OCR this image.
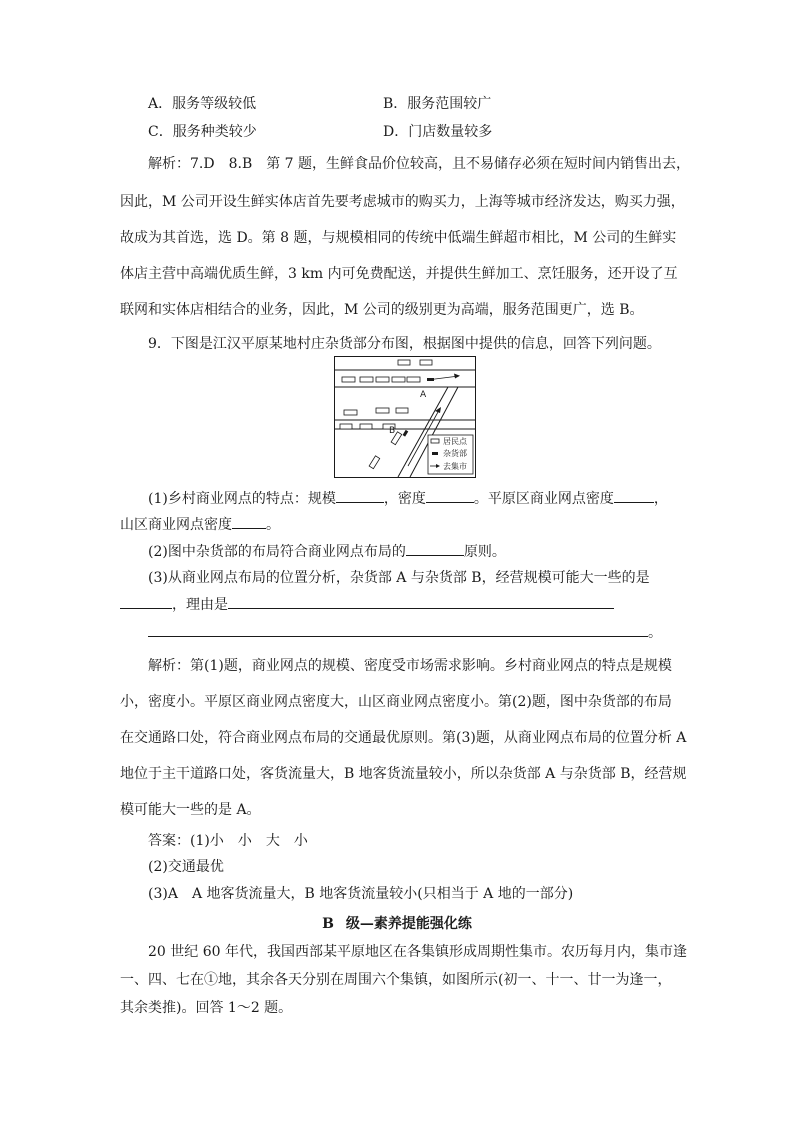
A．服务等级较低	B．服务范围较广
C．服务种类较少	D．门店数量较多
解析：7.D　8.B　第 7 题，生鲜食品价位较高，且不易储存必须在短时间内销售出去，
因此，M 公司开设生鲜实体店首先要考虑城市的购买力，上海等城市经济发达，购买力强，
故成为其首选，选 D。第 8 题，与规模相同的传统中低端生鲜超市相比，M 公司的生鲜实
体店主营中高端优质生鲜，3 km 内可免费配送，并提供生鲜加工、烹饪服务，还开设了互
联网和实体店相结合的业务，因此，M 公司的级别更为高端，服务范围更广，选 B。
9．下图是江汉平原某地村庄杂货部分布图，根据图中提供的信息，回答下列问题。
A
B
居民点
杂货部
去集市
(1)乡村商业网点的特点：规模	，密度	。平原区商业网点密度	，
山区商业网点密度 。
(2)图中杂货部的布局符合商业网点布局的	原则。
(3)从商业网点布局的位置分析，杂货部 A 与杂货部 B，经营规模可能大一些的是
，理由是
。
解析：第(1)题，商业网点的规模、密度受市场需求影响。乡村商业网点的特点是规模
小，密度小。平原区商业网点密度大，山区商业网点密度小。第(2)题，图中杂货部的布局
在交通路口处，符合商业网点布局的交通最优原则。第(3)题，从商业网点布局的位置分析 A
地位于主干道路口处，客货流量大，B 地客货流量较小，所以杂货部 A 与杂货部 B，经营规
模可能大一些的是 A。
答案：(1)小　小　大　小
(2)交通最优
(3)A　A 地客货流量大，B 地客货流量较小(只相当于 A 地的一部分)
B 级—素养提能强化练
20 世纪 60 年代，我国西部某平原地区在各集镇形成周期性集市。农历每月内，集市逢
一、四、七在①地，其余各天分别在周围六个集镇，如图所示(初一、十一、廿一为逢一，
其余类推)。回答 1～2 题。
